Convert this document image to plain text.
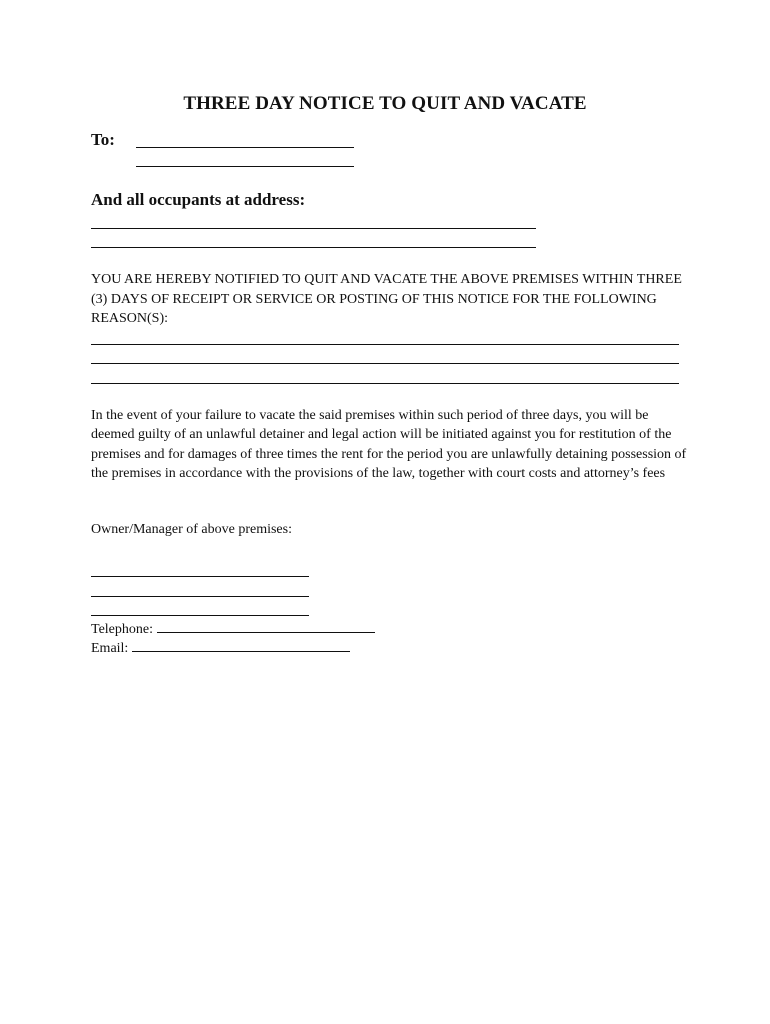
THREE DAY NOTICE TO QUIT AND VACATE
To:
And all occupants at address:
YOU ARE HEREBY NOTIFIED TO QUIT AND VACATE THE ABOVE PREMISES WITHIN THREE (3) DAYS OF RECEIPT OR SERVICE OR POSTING OF THIS NOTICE FOR THE FOLLOWING REASON(S):
In the event of your failure to vacate the said premises within such period of three days, you will be deemed guilty of an unlawful detainer and legal action will be initiated against you for restitution of the premises and for damages of three times the rent for the period you are unlawfully detaining possession of the premises in accordance with the provisions of the law, together with court costs and attorney’s fees
Owner/Manager of above premises:
Telephone:
Email:
